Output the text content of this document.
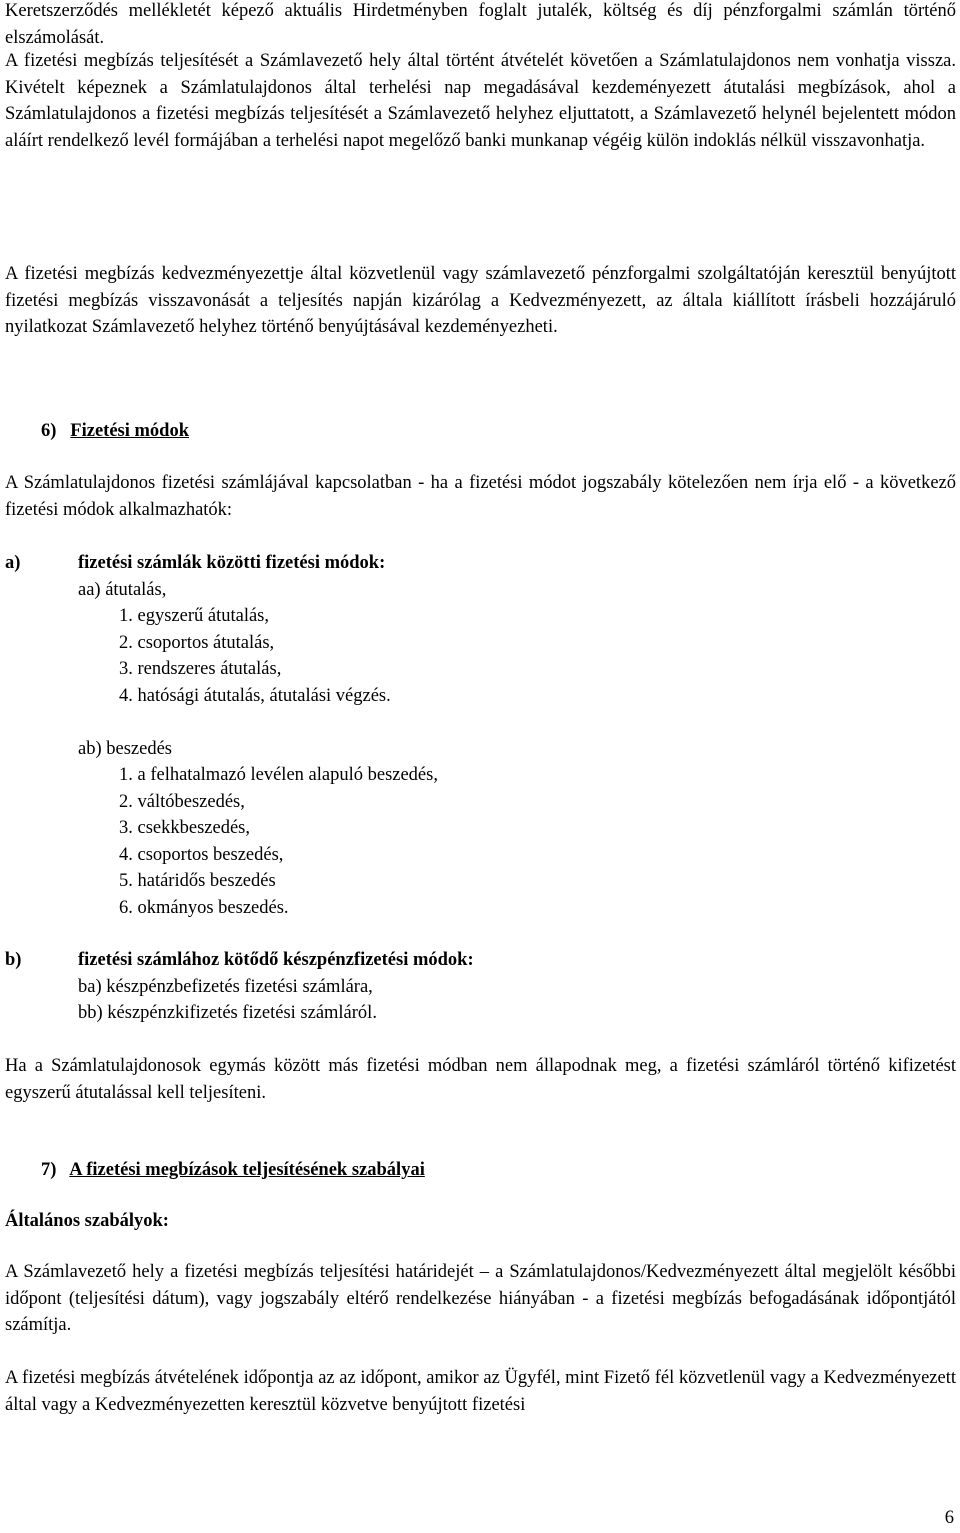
Keretszerződés mellékletét képező aktuális Hirdetményben foglalt jutalék, költség és díj pénzforgalmi számlán történő elszámolását.

A fizetési megbízás teljesítését a Számlavezető hely által történt átvételét követően a Számlatulajdonos nem vonhatja vissza. Kivételt képeznek a Számlatulajdonos által terhelési nap megadásával kezdeményezett átutalási megbízások, ahol a Számlatulajdonos a fizetési megbízás teljesítését a Számlavezető helyhez eljuttatott, a Számlavezető helynél bejelentett módon aláírt rendelkező levél formájában a terhelési napot megelőző banki munkanap végéig külön indoklás nélkül visszavonhatja.

A fizetési megbízás kedvezményezettje által közvetlenül vagy számlavezető pénzforgalmi szolgáltatóján keresztül benyújtott fizetési megbízás visszavonását a teljesítés napján kizárólag a Kedvezményezett, az általa kiállított írásbeli hozzájáruló nyilatkozat Számlavezető helyhez történő benyújtásával kezdeményezheti.

6) Fizetési módok

A Számlatulajdonos fizetési számlájával kapcsolatban - ha a fizetési módot jogszabály kötelezően nem írja elő - a következő fizetési módok alkalmazhatók:

a)	fizetési számlák közötti fizetési módok:
aa) átutalás,
1. egyszerű átutalás,
2. csoportos átutalás,
3. rendszeres átutalás,
4. hatósági átutalás, átutalási végzés.
ab) beszedés
1. a felhatalmazó levélen alapuló beszedés,
2. váltóbeszedés,
3. csekkbeszedés,
4. csoportos beszedés,
5. határidős beszedés
6. okmányos beszedés.
b)	fizetési számlához kötődő készpénzfizetési módok:
ba) készpénzbefizetés fizetési számlára,
bb) készpénzkifizetés fizetési számláról.

Ha a Számlatulajdonosok egymás között más fizetési módban nem állapodnak meg, a fizetési számláról történő kifizetést egyszerű átutalással kell teljesíteni.

7) A fizetési megbízások teljesítésének szabályai
Általános szabályok:

A Számlavezető hely a fizetési megbízás teljesítési határidejét – a Számlatulajdonos/Kedvezményezett által megjelölt későbbi időpont (teljesítési dátum), vagy jogszabály eltérő rendelkezése hiányában - a fizetési megbízás befogadásának időpontjától számítja.

A fizetési megbízás átvételének időpontja az az időpont, amikor az Ügyfél, mint Fizető fél közvetlenül vagy a Kedvezményezett által vagy a Kedvezményezetten keresztül közvetve benyújtott fizetési

6
